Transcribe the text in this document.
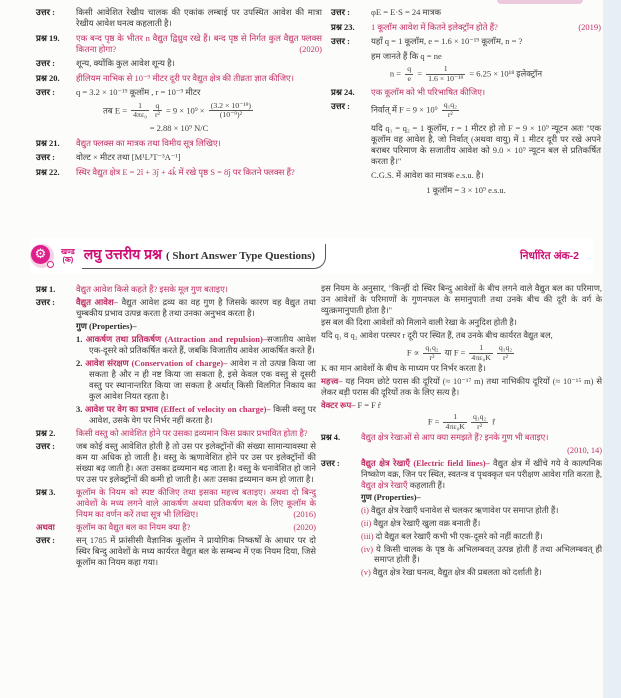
उत्तर :	किसी आवेशित रेखीय चालक की एकांक लम्बाई पर उपस्थित आवेश की मात्रा रेखीय आवेश घनत्व कहलाती है।
प्रश्न 19.	एक बन्द पृष्ठ के भीतर n वैद्युत द्विध्रुव रखे हैं। बन्द पृष्ठ से निर्गत कुल वैद्युत फ्लक्स कितना होगा?	(2020)
उत्तर :	शून्य, क्योंकि कुल आवेश शून्य है।
प्रश्न 20.	हीलियम नाभिक से 10⁻⁹ मीटर दूरी पर वैद्युत क्षेत्र की तीव्रता ज्ञात कीजिए।
उत्तर :	q = 3.2 × 10⁻¹⁹ कूलॉम , r = 10⁻⁹ मीटर
तब $E = \frac{1}{\text{4πε₀}} \frac{q}{\text{r²}} = 9 \times 10^9 \times \frac{\text{(3.2 × 10⁻¹⁹)}}{\text{(10⁻⁹)²}}$
= 2.88 × 10⁹ N/C
प्रश्न 21.	वैद्युत फ्लक्स का मात्रक तथा विमीय सूत्र लिखिए।
उत्तर :	वोल्ट × मीटर तथा [M¹L³T⁻³A⁻¹]
प्रश्न 22.	स्थिर वैद्युत क्षेत्र E = 2î + 3ĵ + 4k̂ में रखे पृष्ठ S = 8ĵ पर कितने फ्लक्स हैं?
उत्तर :	φE = E·S = 24 मात्रक
प्रश्न 23.	1 कूलॉम आवेश में कितने इलेक्ट्रॉन होते हैं?	(2019)
उत्तर :	यहाँ q = 1 कूलॉम, e = 1.6 × 10⁻¹⁹ कूलॉम, n = ?
हम जानते हैं कि q = ne
$n = \frac{q}{e} = \frac{1}{\text{1.6 × 10⁻¹⁹}} = 6.25 \times 10^{18}$ इलेक्ट्रॉन
प्रश्न 24.	एक कूलॉम को भी परिभाषित कीजिए।
उत्तर :	निर्वात् में $F = 9 \times 10^9 \frac{\text{q₁q₂}}{\text{r²}}$
यदि q₁ = q₂ = 1 कूलॉम, r = 1 मीटर हो तो F = 9 × 10⁹ न्यूटन अतः "एक कूलॉम वह आवेश है, जो निर्वात् (अथवा वायु) में 1 मीटर दूरी पर रखे अपने बराबर परिमाण के सजातीय आवेश को 9.0 × 10⁹ न्यूटन बल से प्रतिकर्षित करता है।"
C.G.S. में आवेश का मात्रक e.s.u. है।
1 कूलॉम = 3 × 10⁹ e.s.u.
⚙	खण्ड
(क) लघु उत्तरीय प्रश्न ( Short Answer Type Questions)	निर्धारित अंक-2
प्रश्न 1.	वैद्युत आवेश किसे कहते हैं? इसके मूल गुण बताइए।
उत्तर :	वैद्युत आवेश– वैद्युत आवेश द्रव्य का वह गुण है जिसके कारण वह वैद्युत तथा चुम्बकीय प्रभाव उत्पन्न करता है तथा उनका अनुभव करता है।
गुण (Properties)–
1. आकर्षण तथा प्रतिकर्षण (Attraction and repulsion)–सजातीय आवेश एक-दूसरे को प्रतिकर्षित करते हैं, जबकि विजातीय आवेश आकर्षित करते हैं।
2. आवेश संरक्षण (Conservation of charge)– आवेश न तो उत्पन्न किया जा सकता है और न ही नष्ट किया जा सकता है, इसे केवल एक वस्तु से दूसरी वस्तु पर स्थानान्तरित किया जा सकता है अर्थात् किसी विलगित निकाय का कुल आवेश नियत रहता है।
3. आवेश पर वेग का प्रभाव (Effect of velocity on charge)– किसी वस्तु पर आवेश, उसके वेग पर निर्भर नहीं करता है।
प्रश्न 2.	किसी वस्तु को आवेशित होने पर उसका द्रव्यमान किस प्रकार प्रभावित होता है?
उत्तर :	जब कोई वस्तु आवेशित होती है तो उस पर इलेक्ट्रॉनों की संख्या सामान्यावस्था से कम या अधिक हो जाती है। वस्तु के ऋणावेशित होने पर उस पर इलेक्ट्रॉनों की संख्या बढ़ जाती है। अतः उसका द्रव्यमान बढ़ जाता है। वस्तु के धनावेशित हो जाने पर उस पर इलेक्ट्रॉनों की कमी हो जाती है। अतः उसका द्रव्यमान कम हो जाता है।
प्रश्न 3.	कूलॉम के नियम को स्पष्ट कीजिए तथा इसका महत्त्व बताइए। अथवा दो बिन्दु आवेशों के मध्य लगने वाले आकर्षण अथवा प्रतिकर्षण बल के लिए कूलॉम के नियम का वर्णन करें तथा सूत्र भी लिखिए।	(2016)
अथवा	कूलॉम का वैद्युत बल का नियम क्या है?	(2020)
उत्तर :	सन् 1785 में फ्रांसीसी वैज्ञानिक कूलॉम ने प्रायोगिक निष्कर्षों के आधार पर दो स्थिर बिन्दु आवेशों के मध्य कार्यरत वैद्युत बल के सम्बन्ध में एक नियम दिया, जिसे कूलॉम का नियम कहा गया।
इस नियम के अनुसार, "किन्हीं दो स्थिर बिन्दु आवेशों के बीच लगने वाले वैद्युत बल का परिमाण, उन आवेशों के परिमाणों के गुणनफल के समानुपाती तथा उनके बीच की दूरी के वर्ग के व्युत्क्रमानुपाती होता है।"
इस बल की दिशा आवेशों को मिलाने वाली रेखा के अनुदिश होती है।
यदि q₁ व q₂ आवेश परस्पर r दूरी पर स्थित हैं, तब उनके बीच कार्यरत वैद्युत बल,
$F \propto \frac{\text{q₁q₂}}{\text{r²}}$ या $F = \frac{1}{\text{4πε₀K}} \frac{\text{q₁q₂}}{\text{r²}}$
K का मान आवेशों के बीच के माध्यम पर निर्भर करता है।
महत्त्व– यह नियम छोटे परास की दूरियों (≈ 10⁻¹⁷ m) तथा नाभिकीय दूरियों (≈ 10⁻¹⁵ m) से लेकर बड़ी परास की दूरियों तक के लिए सत्य है।
वेक्टर रूप– F = F r̂
$F = \frac{1}{\text{4πε₀K}} \frac{\text{q₁q₂}}{\text{r²}}$ r̂
प्रश्न 4.	वैद्युत क्षेत्र रेखाओं से आप क्या समझते हैं? इनके गुण भी बताइए।
(2010, 14)
उत्तर :	वैद्युत क्षेत्र रेखाएँ (Electric field lines)– वैद्युत क्षेत्र में खींचे गये वे काल्पनिक निष्कोण वक्र, जिन पर स्थित, स्वतन्त्र व पृथक्कृत धन परीक्षण आवेश गति करता है, वैद्युत क्षेत्र रेखाएँ कहलाती हैं।
गुण (Properties)–
(i) वैद्युत क्षेत्र रेखाएँ धनावेश से चलकर ऋणावेश पर समाप्त होती हैं।
(ii) वैद्युत क्षेत्र रेखाएँ खुला वक्र बनाती हैं।
(iii) दो वैद्युत बल रेखाएँ कभी भी एक-दूसरे को नहीं काटती हैं।
(iv) ये किसी चालक के पृष्ठ के अभिलम्बवत् उत्पन्न होती हैं तथा अभिलम्बवत् ही समाप्त होती हैं।
(v) वैद्युत क्षेत्र रेखा घनत्व, वैद्युत क्षेत्र की प्रबलता को दर्शाती है।
